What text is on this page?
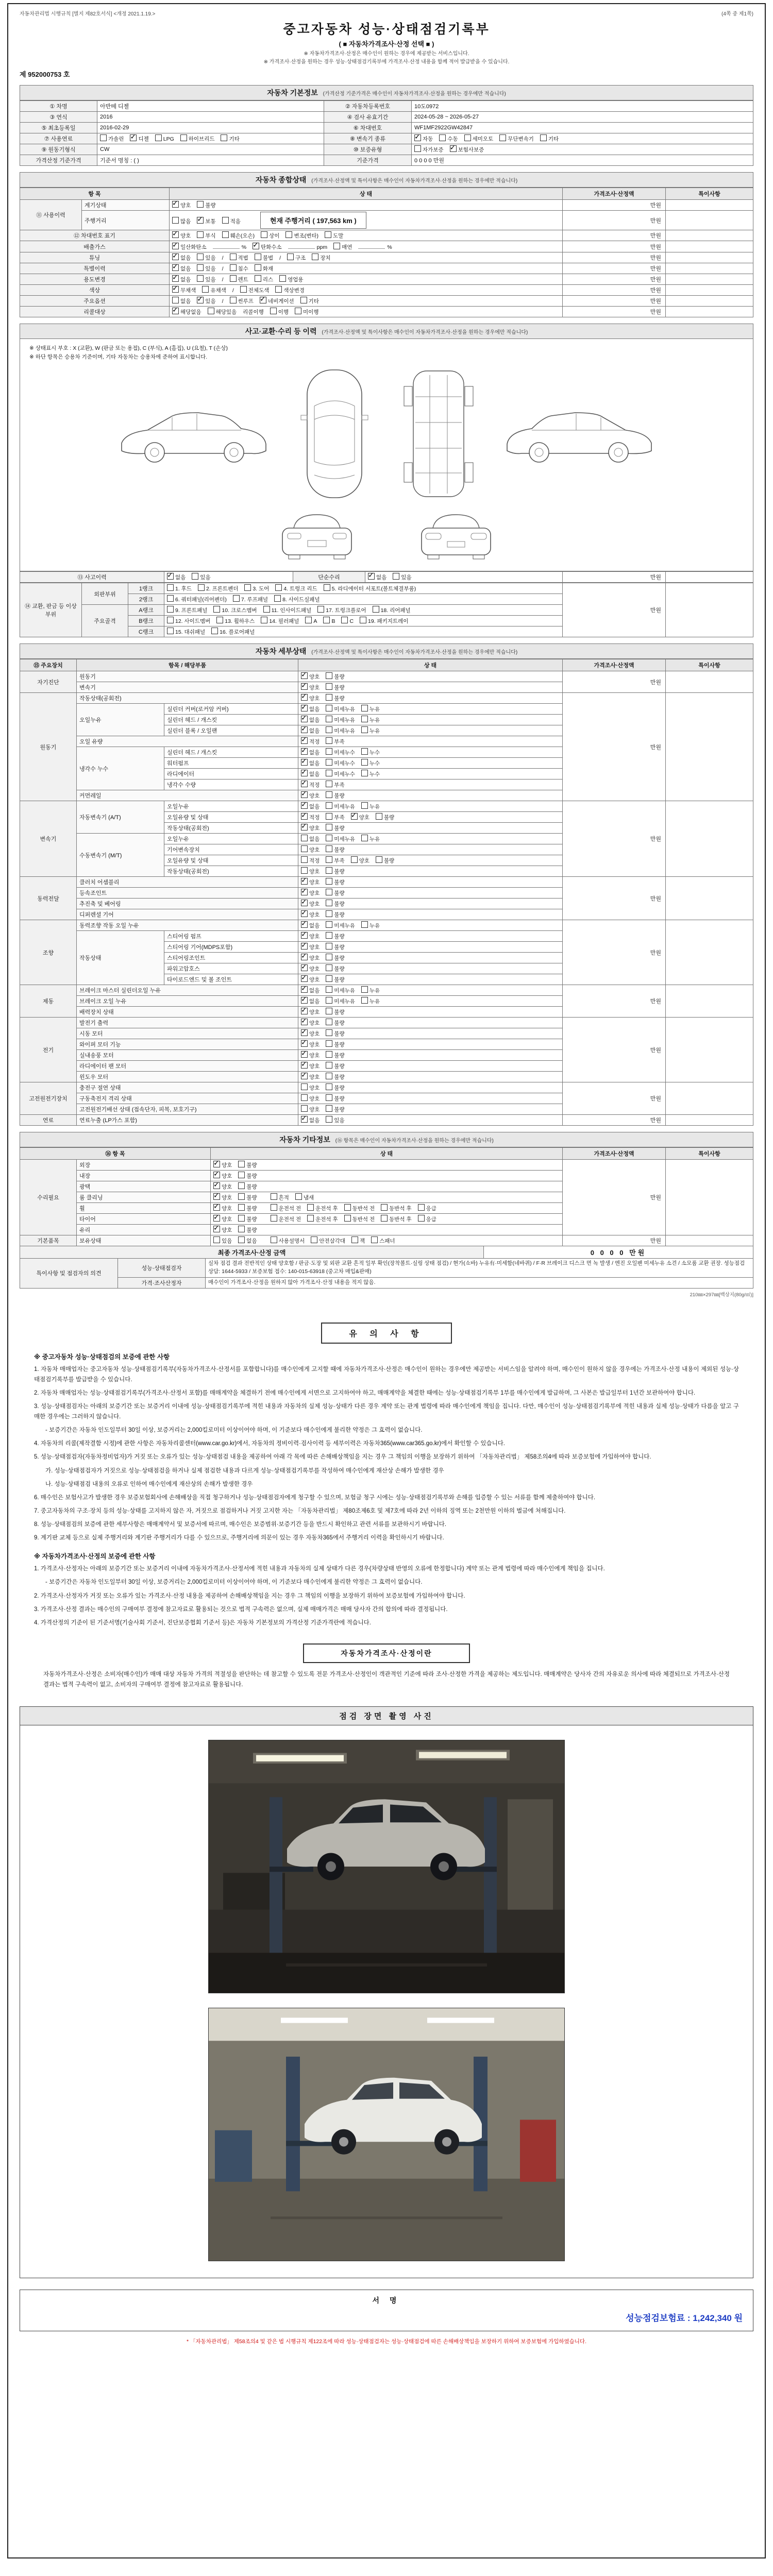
자동차관리법 시행규칙 [별지 제82호서식] <개정 2021.1.19.>	(4쪽 중 제1쪽)
중고자동차 성능·상태점검기록부
( ■ 자동차가격조사·산정 선택 ■ )
※ 자동차가격조사·산정은 매수인이 원하는 경우에 제공받는 서비스입니다.
※ 가격조사·산정을 원하는 경우 성능·상태점검기록부에 가격조사·산정 내용을 함께 적어 발급받을 수 있습니다.
제 952000753 호
자동차 기본정보 (가격산정 기준가격은 매수인이 자동차가격조사·산정을 원하는 경우에만 적습니다)
① 차명	아반떼 디젤	② 자동차등록번호	10도0972
③ 연식	2016	④ 검사 유효기간	2024-05-28 ~ 2026-05-27
⑤ 최초등록일	2016-02-29	⑥ 차대번호	WF1MF2922GW42847
⑦ 사용연료	가솔린 ✓ 디젤 LPG 하이브리드 기타	⑧ 변속기 종류	✓자동 수동 세미오토 무단변속기 기타
⑨ 원동기형식	CW	⑩ 보증유형	자가보증 ✓ 보험사보증
가격산정 기준가격	기준서 명칭 : ( )	기준가격	0 0 0 0 만원
자동차 종합상태 (가격조사·산정액 및 특이사항은 매수인이 자동차가격조사·산정을 원하는 경우에만 적습니다)
항 목		상 태	가격조사·산정액	특이사항
⑪ 사용이력	계기상태	✓양호 불량	만원	
	주행거리	많음 ✓ 보통 적음 현재 주행거리 ( 197,563 km )	만원	
⑫ 차대번호 표기	✓양호 부식 훼손(오손) 상이 변조(변타) 도말	만원	
배출가스	✓일산화탄소 % ✓ 탄화수소 ppm 매연 %	만원	
튜닝	✓없음 있음 / 적법 불법 / 구조 장치	만원	
특별이력	✓없음 있음 / 침수 화재	만원	
용도변경	✓없음 있음 / 렌트 리스 영업용	만원	
색상	✓무채색 유채색 / 전체도색 색상변경	만원	
주요옵션		없음 ✓ 있음 / 썬루프 ✓ 네비게이션 기타	만원	
리콜대상	✓해당없음 해당있음 리콜이행 이행 미이행	만원	
사고·교환·수리 등 이력 (가격조사·산정액 및 특이사항은 매수인이 자동차가격조사·산정을 원하는 경우에만 적습니다)
※ 상태표시 부호 : X (교환), W (판금 또는 용접), C (부식), A (흠집), U (요철), T (손상)
※ 하단 항목은 승용차 기준이며, 기타 자동차는 승용차에 준하여 표시합니다.
⑬ 사고이력	✓없음	있음	단순수리	✓없음	있음	만원	
⑭ 교환, 판금 등 이상 부위	외판부위	1랭크	1. 후드 2. 프론트펜더 3. 도어 4. 트렁크 리드 5. 라디에이터 서포트(볼트체결부품)	만원	
		2랭크	6. 쿼터패널(리어펜더) 7. 루프패널 8. 사이드실패널		
	주요골격	A랭크	9. 프론트패널 10. 크로스멤버 11. 인사이드패널 17. 트렁크플로어 18. 리어패널		
		B랭크	12. 사이드멤버 13. 휠하우스 14. 필러패널 A B C 19. 패키지트레이		
		C랭크	15. 대쉬패널 16. 플로어패널		
자동차 세부상태 (가격조사·산정액 및 특이사항은 매수인이 자동차가격조사·산정을 원하는 경우에만 적습니다)
⑮ 주요장치	항목 / 해당부품		상 태	가격조사·산정액	특이사항
자기진단	원동기	✓양호 불량	만원	
	변속기	✓양호 불량
원동기	작동상태(공회전)	✓양호 불량	만원	
	오일누유	실린더 커버(로커암 커버)	✓없음 미세누유 누유
		실린더 헤드 / 개스킷	✓없음 미세누유 누유
		실린더 블록 / 오일팬	✓없음 미세누유 누유
	오일 유량	✓적정 부족
	냉각수 누수	실린더 헤드 / 개스킷	✓없음 미세누수 누수
		워터펌프	✓없음 미세누수 누수
		라디에이터	✓없음 미세누수 누수
		냉각수 수량	✓적정 부족
	커먼레일	✓양호 불량
변속기	자동변속기 (A/T)	오일누유	✓없음 미세누유 누유	만원	
		오일유량 및 상태	✓적정 부족 ✓ 양호 불량
		작동상태(공회전)	✓양호 불량
	수동변속기 (M/T)	오일누유	없음 미세누유 누유		
		기어변속장치	양호 불량		
		오일유량 및 상태	적정 부족 양호 불량		
		작동상태(공회전)	양호 불량		
동력전달	클러치 어셈블리	✓양호 불량	만원	
	등속조인트	✓양호 불량
	추진축 및 베어링	✓양호 불량
	디퍼렌셜 기어	✓양호 불량
조향	동력조향 작동 오일 누유	✓없음 미세누유 누유	만원	
	작동상태	스티어링 펌프	✓양호 불량
		스티어링 기어(MDPS포함)	✓양호 불량
		스티어링조인트	✓양호 불량
		파워고압호스	✓양호 불량
		타이로드엔드 및 볼 조인트	✓양호 불량
제동	브레이크 마스터 실린더오일 누유	✓없음 미세누유 누유	만원	
	브레이크 오일 누유	✓없음 미세누유 누유
	배력장치 상태	✓양호 불량
전기	발전기 출력	✓양호 불량	만원	
	시동 모터	✓양호 불량
	와이퍼 모터 기능	✓양호 불량
	실내송풍 모터	✓양호 불량
	라디에이터 팬 모터	✓양호 불량
	윈도우 모터	✓양호 불량
고전원전기장치	충전구 절연 상태		양호 불량	만원	
	구동축전지 격리 상태		양호 불량		
	고전원전기배선 상태 (접속단자, 피복, 보호기구)		양호 불량		
연료	연료누출 (LP가스 포함)	✓없음 있음	만원	
자동차 기타정보 (⑯ 항목은 매수인이 자동차가격조사·산정을 원하는 경우에만 적습니다)
⑯ 항 목		상 태	가격조사·산정액	특이사항
수리필요	외장	✓양호 불량	만원	
	내장	✓양호 불량
	광택	✓양호 불량
	룸 클리닝	✓양호 불량 흔적 냄새
	휠	✓양호 불량 운전석 전 운전석 후 동반석 전 동반석 후 응급
	타이어	✓양호 불량 운전석 전 운전석 후 동반석 전 동반석 후 응급
	유리	✓양호 불량
기본품목	보유상태	있음 없음 사용설명서 안전삼각대 잭 스패너	만원	
최종 가격조사·산정 금액	0 0 0 0 만원
특이사항 및 점검자의 의견	성능·상태점검자	실차 점검 결과 전반적인 상태 양호함 / 판금·도장 및 외판 교환 흔적 일부 확인(장착볼트·실링 상태 점검) / 현가(쇼바) 누유有·미세함(네바퀴) / F·R 브레이크 디스크 면 녹 발생 / 엔진 오일팬 미세누유 소견 / 소모품 교환 권장. 성능점검 상담: 1644-5933 / 보증보험 접수: 140-015-63918 (중고차 매입&판매)
	가격·조사산정자	매수인이 가격조사·산정을 원하지 않아 가격조사·산정 내용을 적지 않음.
210㎜×297㎜[백상지(80g/㎡)]
유 의 사 항
※ 중고자동차 성능·상태점검의 보증에 관한 사항
1. 자동차 매매업자는 중고자동차 성능·상태점검기록부(자동차가격조사·산정서를 포함합니다)를 매수인에게 고지할 때에 자동차가격조사·산정은 매수인이 원하는 경우에만 제공받는 서비스임을 알려야 하며, 매수인이 원하지 않을 경우에는 가격조사·산정 내용이 제외된 성능·상태점검기록부를 발급받을 수 있습니다.
2. 자동차 매매업자는 성능·상태점검기록부(가격조사·산정서 포함)를 매매계약을 체결하기 전에 매수인에게 서면으로 고지하여야 하고, 매매계약을 체결한 때에는 성능·상태점검기록부 1부를 매수인에게 발급하며, 그 사본은 발급일부터 1년간 보관하여야 합니다.
3. 성능·상태점검자는 아래의 보증기간 또는 보증거리 이내에 성능·상태점검기록부에 적힌 내용과 자동차의 실제 성능·상태가 다른 경우 계약 또는 관계 법령에 따라 매수인에게 책임을 집니다. 다만, 매수인이 성능·상태점검기록부에 적힌 내용과 실제 성능·상태가 다름을 알고 구매한 경우에는 그러하지 않습니다.
- 보증기간은 자동차 인도일부터 30일 이상, 보증거리는 2,000킬로미터 이상이어야 하며, 이 기준보다 매수인에게 불리한 약정은 그 효력이 없습니다.
4. 자동차의 리콜(제작결함 시정)에 관한 사항은 자동차리콜센터(www.car.go.kr)에서, 자동차의 정비이력·검사이력 등 세부이력은 자동차365(www.car365.go.kr)에서 확인할 수 있습니다.
5. 성능·상태점검자(자동차정비업자)가 거짓 또는 오류가 있는 성능·상태점검 내용을 제공하여 아래 각 목에 따른 손해배상책임을 지는 경우 그 책임의 이행을 보장하기 위하여 「자동차관리법」 제58조의4에 따라 보증보험에 가입하여야 합니다.
가. 성능·상태점검자가 거짓으로 성능·상태점검을 하거나 실제 점검한 내용과 다르게 성능·상태점검기록부를 작성하여 매수인에게 재산상 손해가 발생한 경우
나. 성능·상태점검 내용의 오류로 인하여 매수인에게 재산상의 손해가 발생한 경우
6. 매수인은 보험사고가 발생한 경우 보증보험회사에 손해배상을 직접 청구하거나 성능·상태점검자에게 청구할 수 있으며, 보험금 청구 시에는 성능·상태점검기록부와 손해를 입증할 수 있는 서류를 함께 제출하여야 합니다.
7. 중고자동차의 구조·장치 등의 성능·상태를 고지하지 않은 자, 거짓으로 점검하거나 거짓 고지한 자는 「자동차관리법」 제80조제6호 및 제7호에 따라 2년 이하의 징역 또는 2천만원 이하의 벌금에 처해집니다.
8. 성능·상태점검의 보증에 관한 세부사항은 매매계약서 및 보증서에 따르며, 매수인은 보증범위·보증기간 등을 반드시 확인하고 관련 서류를 보관하시기 바랍니다.
9. 계기판 교체 등으로 실제 주행거리와 계기판 주행거리가 다를 수 있으므로, 주행거리에 의문이 있는 경우 자동차365에서 주행거리 이력을 확인하시기 바랍니다.
※ 자동차가격조사·산정의 보증에 관한 사항
1. 가격조사·산정자는 아래의 보증기간 또는 보증거리 이내에 자동차가격조사·산정서에 적힌 내용과 자동차의 실제 상태가 다른 경우(차량상태 반영의 오류에 한정합니다) 계약 또는 관계 법령에 따라 매수인에게 책임을 집니다.
- 보증기간은 자동차 인도일부터 30일 이상, 보증거리는 2,000킬로미터 이상이어야 하며, 이 기준보다 매수인에게 불리한 약정은 그 효력이 없습니다.
2. 가격조사·산정자가 거짓 또는 오류가 있는 가격조사·산정 내용을 제공하여 손해배상책임을 지는 경우 그 책임의 이행을 보장하기 위하여 보증보험에 가입하여야 합니다.
3. 가격조사·산정 결과는 매수인의 구매여부 결정에 참고자료로 활용되는 것으로 법적 구속력은 없으며, 실제 매매가격은 매매 당사자 간의 합의에 따라 결정됩니다.
4. 가격산정의 기준이 된 기준서명(기술사회 기준서, 진단보증협회 기준서 등)은 자동차 기본정보의 가격산정 기준가격란에 적습니다.
자동차가격조사·산정이란
자동차가격조사·산정은 소비자(매수인)가 매매 대상 자동차 가격의 적절성을 판단하는 데 참고할 수 있도록 전문 가격조사·산정인이 객관적인 기준에 따라 조사·산정한 가격을 제공하는 제도입니다. 매매계약은 당사자 간의 자유로운 의사에 따라 체결되므로 가격조사·산정 결과는 법적 구속력이 없고, 소비자의 구매여부 결정에 참고자료로 활용됩니다.
점검 장면 촬영 사진
서 명
성능점검보험료 : 1,242,340 원
* 「자동차관리법」 제58조의4 및 같은 법 시행규칙 제122조에 따라 성능·상태점검자는 성능·상태점검에 따른 손해배상책임을 보장하기 위하여 보증보험에 가입하였습니다.
